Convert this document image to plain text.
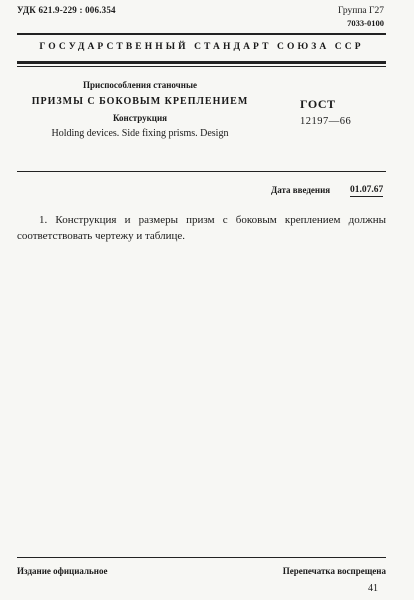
УДК 621.9-229 : 006.354	Группа Г27
7033-0100
ГОСУДАРСТВЕННЫЙ СТАНДАРТ СОЮЗА ССР
Приспособления станочные
ПРИЗМЫ С БОКОВЫМ КРЕПЛЕНИЕМ
Конструкция
Holding devices. Side fixing prisms. Design
ГОСТ
12197—66
Дата введения 01.07.67
1. Конструкция и размеры призм с боковым креплением должны соответствовать чертежу и таблице.
Издание официальное	Перепечатка воспрещена
41
